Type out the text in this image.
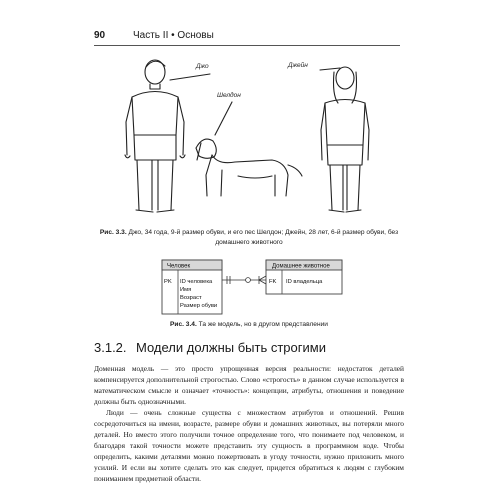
90	Часть II • Основы
Джо
Шелдон
Джейн
Человек
PK ID человека
Имя
Возраст
Размер обуви
Домашнее животное
FK ID владельца
Рис. 3.3. Джо, 34 года, 9-й размер обуви, и его пес Шелдон; Джейн, 28 лет, 6-й размер обуви, без домашнего животного
Рис. 3.4. Та же модель, но в другом представлении
3.1.2. Модели должны быть строгими

Доменная модель — это просто упрощенная версия реальности: недостаток деталей компенсируется дополнительной строгостью. Слово «строгость» в данном случае используется в математическом смысле и означает «точность»: концепции, атрибуты, отношения и поведение должны быть однозначными.

Люди — очень сложные существа с множеством атрибутов и отношений. Решив сосредоточиться на имени, возрасте, размере обуви и домашних животных, вы потеряли много деталей. Но вместо этого получили точное определение того, что понимаете под человеком, и благодаря такой точности можете представить эту сущность в программном коде. Чтобы определить, какими деталями можно пожертвовать в угоду точности, нужно приложить много усилий. И если вы хотите сделать это как следует, придется обратиться к людям с глубоким пониманием предметной области.
